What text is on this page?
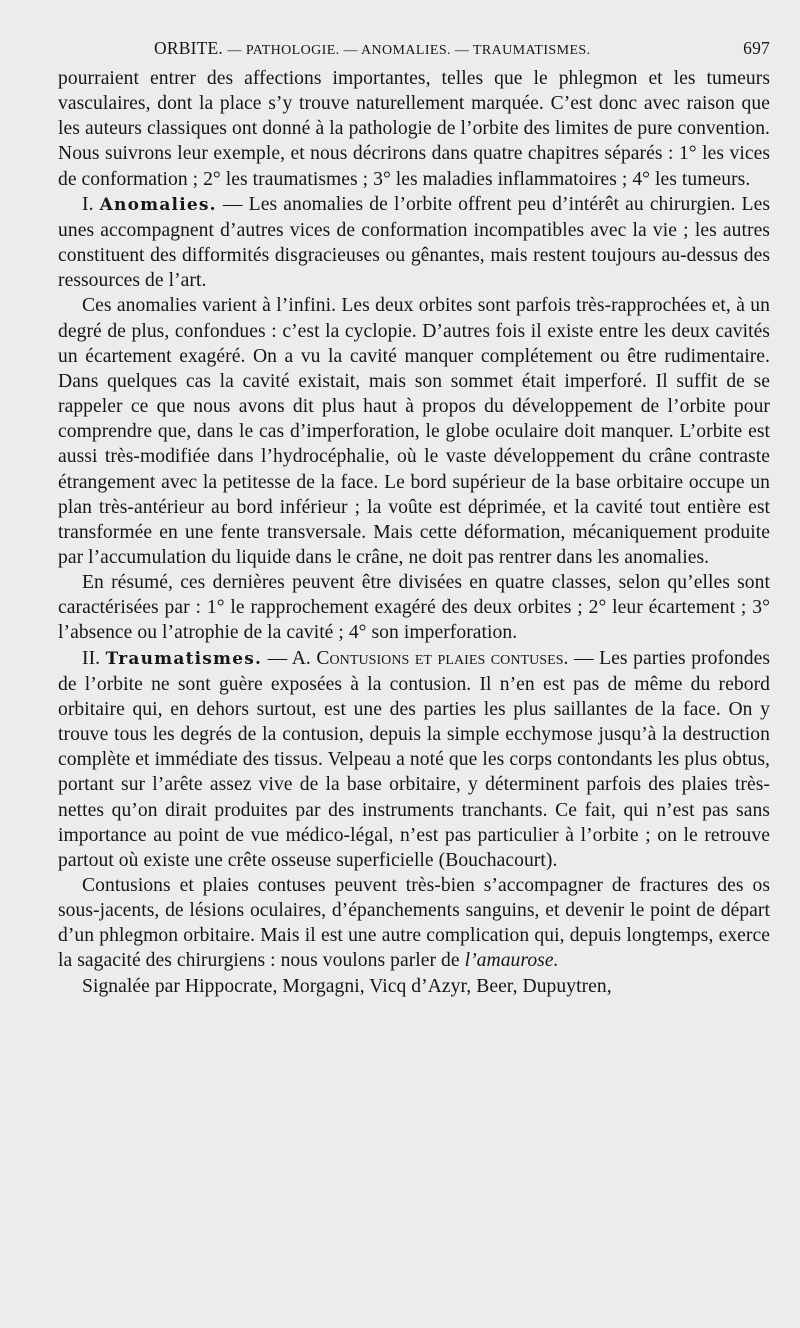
ORBITE. — PATHOLOGIE. — ANOMALIES. — TRAUMATISMES.	697

pourraient entrer des affections importantes, telles que le phlegmon et les tumeurs vasculaires, dont la place s’y trouve naturellement marquée. C’est donc avec raison que les auteurs classiques ont donné à la pathologie de l’orbite des limites de pure convention. Nous suivrons leur exemple, et nous décrirons dans quatre chapitres séparés : 1° les vices de conformation ; 2° les traumatismes ; 3° les maladies inflammatoires ; 4° les tumeurs.

I. Anomalies. — Les anomalies de l’orbite offrent peu d’intérêt au chirurgien. Les unes accompagnent d’autres vices de conformation incompatibles avec la vie ; les autres constituent des difformités disgracieuses ou gênantes, mais restent toujours au-dessus des ressources de l’art.

Ces anomalies varient à l’infini. Les deux orbites sont parfois très-rapprochées et, à un degré de plus, confondues : c’est la cyclopie. D’autres fois il existe entre les deux cavités un écartement exagéré. On a vu la cavité manquer complétement ou être rudimentaire. Dans quelques cas la cavité existait, mais son sommet était imperforé. Il suffit de se rappeler ce que nous avons dit plus haut à propos du développement de l’orbite pour comprendre que, dans le cas d’imperforation, le globe oculaire doit manquer. L’orbite est aussi très-modifiée dans l’hydrocéphalie, où le vaste développement du crâne contraste étrangement avec la petitesse de la face. Le bord supérieur de la base orbitaire occupe un plan très-antérieur au bord inférieur ; la voûte est déprimée, et la cavité tout entière est transformée en une fente transversale. Mais cette déformation, mécaniquement produite par l’accumulation du liquide dans le crâne, ne doit pas rentrer dans les anomalies.

En résumé, ces dernières peuvent être divisées en quatre classes, selon qu’elles sont caractérisées par : 1° le rapprochement exagéré des deux orbites ; 2° leur écartement ; 3° l’absence ou l’atrophie de la cavité ; 4° son imperforation.

II. Traumatismes. — A. Contusions et plaies contuses. — Les parties profondes de l’orbite ne sont guère exposées à la contusion. Il n’en est pas de même du rebord orbitaire qui, en dehors surtout, est une des parties les plus saillantes de la face. On y trouve tous les degrés de la contusion, depuis la simple ecchymose jusqu’à la destruction complète et immédiate des tissus. Velpeau a noté que les corps contondants les plus obtus, portant sur l’arête assez vive de la base orbitaire, y déterminent parfois des plaies très-nettes qu’on dirait produites par des instruments tranchants. Ce fait, qui n’est pas sans importance au point de vue médico-légal, n’est pas particulier à l’orbite ; on le retrouve partout où existe une crête osseuse superficielle (Bouchacourt).

Contusions et plaies contuses peuvent très-bien s’accompagner de fractures des os sous-jacents, de lésions oculaires, d’épanchements sanguins, et devenir le point de départ d’un phlegmon orbitaire. Mais il est une autre complication qui, depuis longtemps, exerce la sagacité des chirurgiens : nous voulons parler de l’amaurose.

Signalée par Hippocrate, Morgagni, Vicq d’Azyr, Beer, Dupuytren,
